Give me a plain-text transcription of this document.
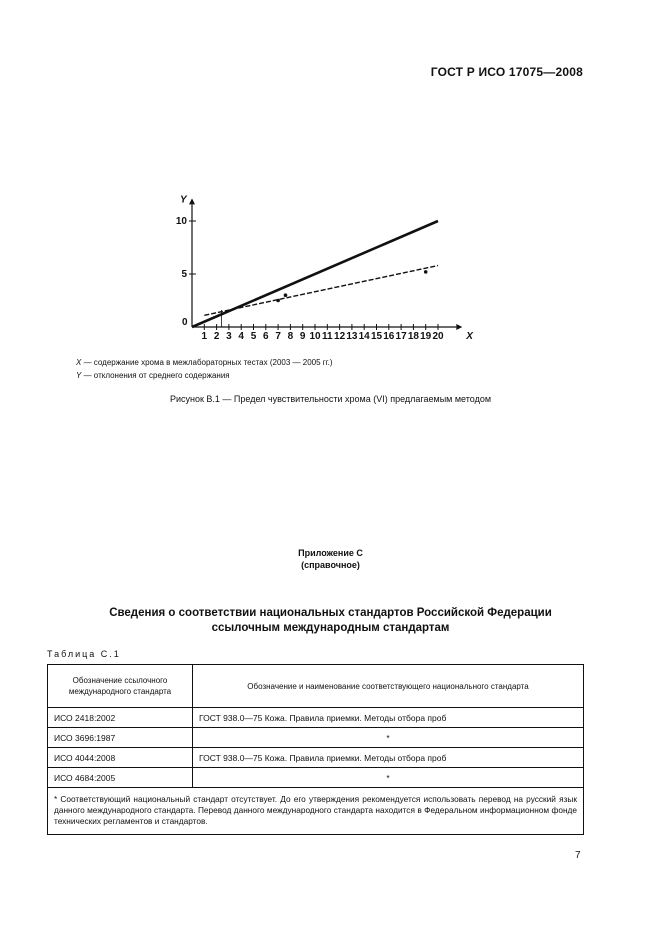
ГОСТ Р ИСО 17075—2008
X
Y
0
1 2 3 4 5 6 7 8 9 10 11 12 13 14 15 16 17 18 19 20
5
10
X — содержание хрома в межлабораторных тестах (2003 — 2005 гг.)
Y — отклонения от среднего содержания
Рисунок В.1 — Предел чувствительности хрома (VI) предлагаемым методом
Приложение С
(справочное)
Сведения о соответствии национальных стандартов Российской Федерации
ссылочным международным стандартам
Таблица С.1
Обозначение ссылочного международного стандарта	Обозначение и наименование соответствующего национального стандарта
ИСО 2418:2002	ГОСТ 938.0—75 Кожа. Правила приемки. Методы отбора проб
ИСО 3696:1987	*
ИСО 4044:2008	ГОСТ 938.0—75 Кожа. Правила приемки. Методы отбора проб
ИСО 4684:2005	*
* Соответствующий национальный стандарт отсутствует. До его утверждения рекомендуется использовать перевод на русский язык данного международного стандарта. Перевод данного международного стандарта находится в Федеральном информационном фонде технических регламентов и стандартов.	
7
